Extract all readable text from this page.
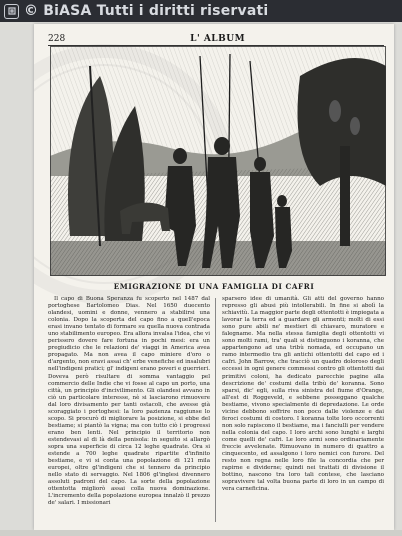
© BiASA Tutti i diritti riservati
228	L' ALBUM
EMIGRAZIONE DI UNA FAMIGLIA DI CAFRI

Il capo di Buona Speranza fu scoperto nel 1487 dal portoghese Bartolomeo Dias. Nel 1650 duecento olandesi, uomini e donne, vennero a stabilirsi una colonia. Dopo la scoperta del capo fino a quell'epoca erasi invano tentato di formare su quella nuova contrada uno stabilimento europeo. Era allora invalsa l'idea, che vi perissero dovere fare fortuna in pochi mesi: era un pregiudicio che le relazioni de' viaggi in America avea propagato. Ma non avea il capo miniere d'oro o d'argento, non eravi assai ch' erbe venefiche ed insalubri nell'indigeni pratici; gl' indigeni erano poveri e guerrieri. Doveva però risultare di somma vantaggio pel commercio delle Indie che vi fosse al capo un porto, una città, un principio d'incivilimento. Gli olandesi avvano in ciò un particolare interesse, nè si lasciarono rimuovere dal loro divisamento per tanti ostacoli, che avesse già scoraggiato i portoghesi: la loro pazienza raggiunse lo scopo. Si procurò di migliorare la posizione, si ebbe del bestiame; si piantò la vigna; ma con tutto ciò i progressi erano ben lenti. Nel principio il territorio non estendevasi al di là della penisola: in seguito si allargò sopra una superficie di circa 12 leghe quadrate. Ora si estende a 700 leghe quadrate ripartite d'infinito bestiame, e vi si conta una popolazione di 121 mila europei, oltre gl'indigeni che si tennero da principio nello stato di servaggio. Nel 1806 gl'inglesi divennero assoluti padroni del capo. La sorte della popolazione ottentotta migliorò assai colla nuova dominazione. L'incremento della popolazione europea innalzò il prezzo de' salari. I missionari

sparsero idee di umanità. Gli atti del governo hanno represso gli abusi più intollerabili. In fine si abolì la schiavitù. La maggior parte degli ottentotti è impiegata a lavorar la terra ed a guardare gli armenti; molti di essi sono pure abili ne' mestieri di chiavaro, muratore e falegname. Ma nella stessa famiglia degli ottentotti vi sono molti rami, tra' quali si distinguono i koranna, che appartengono ad una tribù nomada, ed occupano un ramo intermedio tra gli antichi ottentotti del capo ed i cafri. John Barrow, che tracciò un quadro doloroso degli eccessi in ogni genere commessi contro gli ottentotti dai primitivi coloni, ha dedicato parecchie pagine alla descrizione de' costumi della tribù de' koranna. Sono sparsi, dic' egli, sulla riva sinistra del fiume d'Orange, all'est di Roggeveld, e sebbene posseggano qualche bestiame, vivono specialmente di depredazione. Le orde vicine debbono soffrire non poco dalle violenze e dai feroci costumi di costoro. I koranna tolte loro occorrenti non solo rapiscono il bestiame, ma i fanciulli per vendere nella colonia del capo. I loro archi sono lunghi e larghi come quelli de' cafri. Le loro armi sono ordinariamente freccie avvelenate. Rimuovano in numero di quattro a cinquecento, ed assalgono i loro nemici con furore. Del resto non regna nelle loro file la concordia che per rapirne e dividerne; quindi nei trattati di divisione il bottino, nascono tra loro tali contese, che lasciano sopravivere tal volta buona parte di loro in un campo di vera carneficina.
